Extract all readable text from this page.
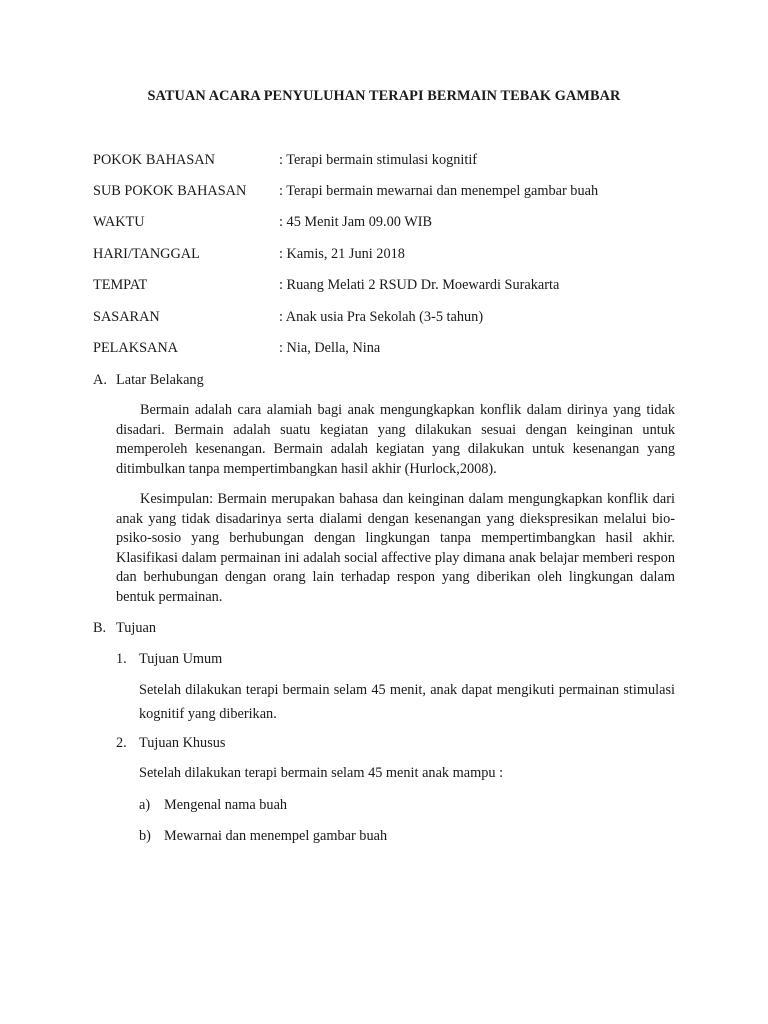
SATUAN ACARA PENYULUHAN TERAPI BERMAIN TEBAK GAMBAR
POKOK BAHASAN	: Terapi bermain stimulasi kognitif
SUB POKOK BAHASAN : Terapi bermain mewarnai dan menempel gambar buah
WAKTU	: 45 Menit Jam 09.00 WIB
HARI/TANGGAL	: Kamis, 21 Juni 2018
TEMPAT	: Ruang Melati 2 RSUD Dr. Moewardi Surakarta
SASARAN	: Anak usia Pra Sekolah (3-5 tahun)
PELAKSANA	: Nia, Della, Nina
A. Latar Belakang

Bermain adalah cara alamiah bagi anak mengungkapkan konflik dalam dirinya yang tidak disadari. Bermain adalah suatu kegiatan yang dilakukan sesuai dengan keinginan untuk memperoleh kesenangan. Bermain adalah kegiatan yang dilakukan untuk kesenangan yang ditimbulkan tanpa mempertimbangkan hasil akhir (Hurlock,2008).

Kesimpulan: Bermain merupakan bahasa dan keinginan dalam mengungkapkan konflik dari anak yang tidak disadarinya serta dialami dengan kesenangan yang diekspresikan melalui bio-psiko-sosio yang berhubungan dengan lingkungan tanpa mempertimbangkan hasil akhir. Klasifikasi dalam permainan ini adalah social affective play dimana anak belajar memberi respon dan berhubungan dengan orang lain terhadap respon yang diberikan oleh lingkungan dalam bentuk permainan.

B. Tujuan
1. Tujuan Umum

Setelah dilakukan terapi bermain selam 45 menit, anak dapat mengikuti permainan stimulasi kognitif yang diberikan.

2. Tujuan Khusus

Setelah dilakukan terapi bermain selam 45 menit anak mampu :

a) Mengenal nama buah
b) Mewarnai dan menempel gambar buah
